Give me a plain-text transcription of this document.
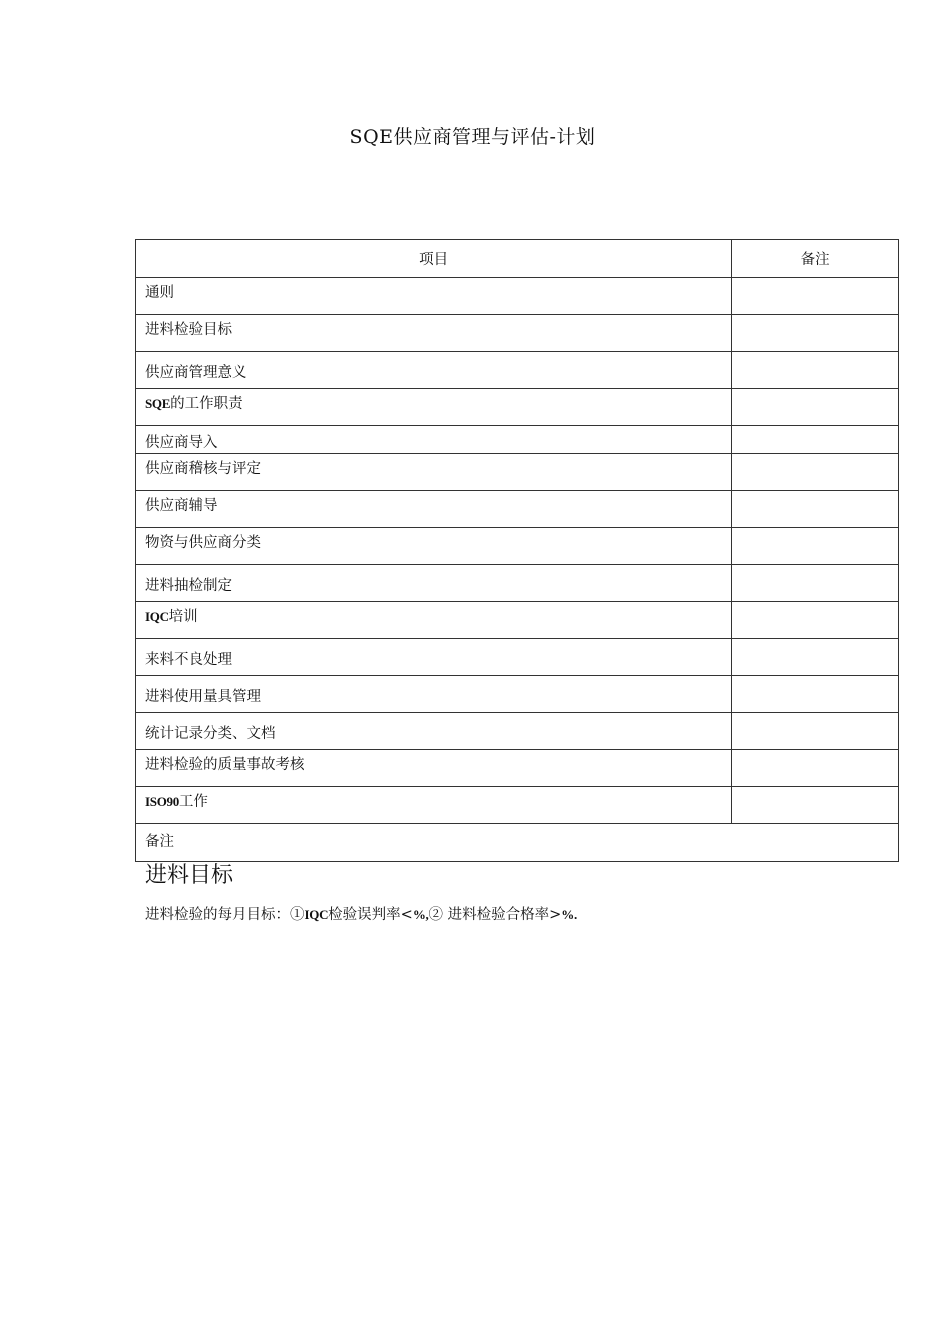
SQE供应商管理与评估-计划
项目	备注
通则	
进料检验目标	
供应商管理意义	
SQE的工作职责	
供应商导入	
供应商稽核与评定	
供应商辅导	
物资与供应商分类	
进料抽检制定	
IQC培训	
来料不良处理	
进料使用量具管理	
统计记录分类、文档	
进料检验的质量事故考核	
ISO90工作	
备注	
进料目标

进料检验的每月目标：①IQC检验误判率<%,② 进料检验合格率>%.
